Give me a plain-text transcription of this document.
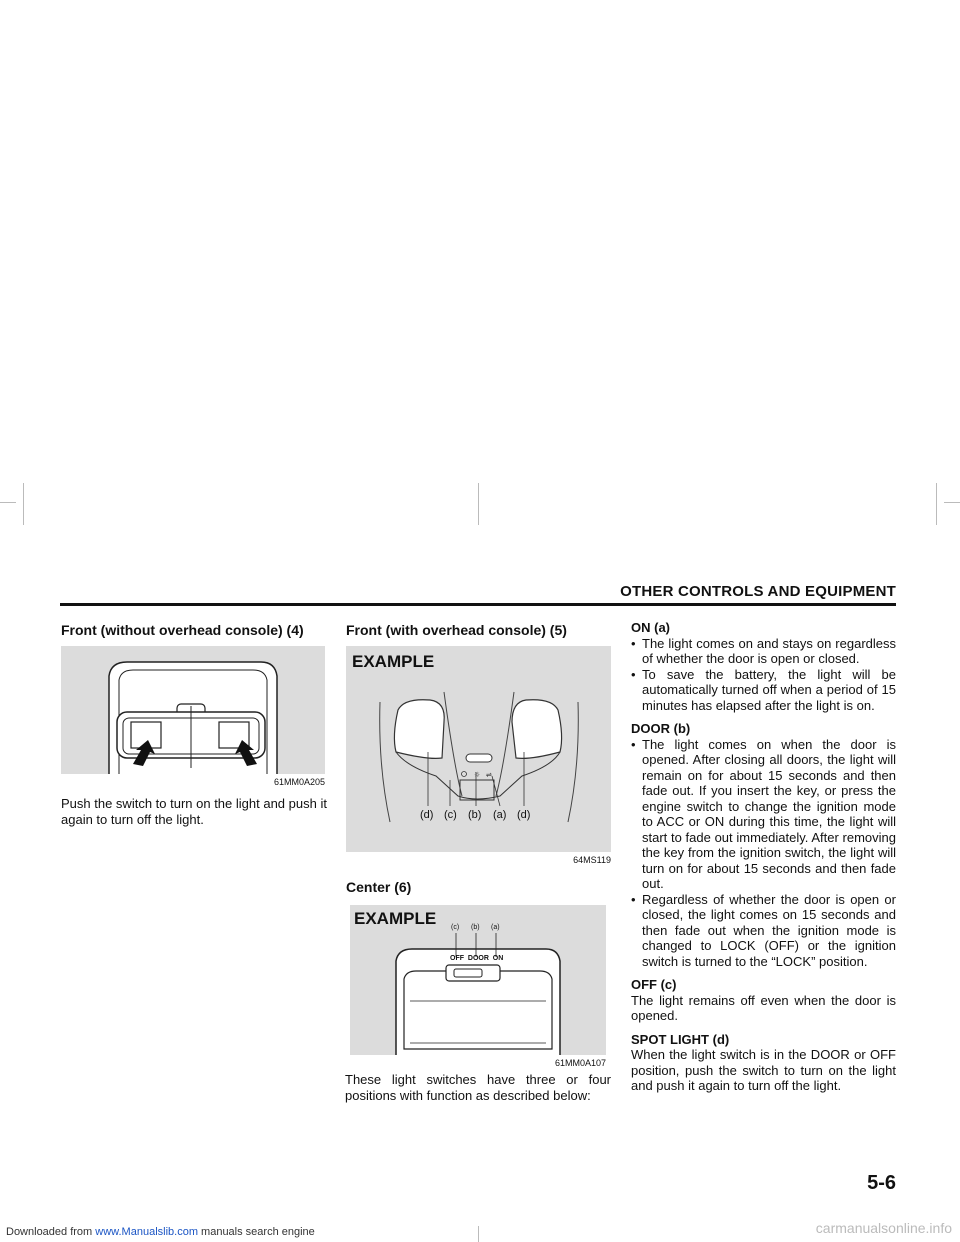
OTHER CONTROLS AND EQUIPMENT
Front (without overhead console) (4)
61MM0A205
Push the switch to turn on the light and push it again to turn off the light.
Front (with overhead console) (5)
EXAMPLE
☼ ⇌
(d) (c) (b) (a) (d)
64MS119
Center (6)
EXAMPLE (c) (b) (a)
OFF  DOOR  ON
61MM0A107
These light switches have three or four positions with function as described below:
ON (a)
• The light comes on and stays on regardless of whether the door is open or closed.
• To save the battery, the light will be automatically turned off when a period of 15 minutes has elapsed after the light is on.
DOOR (b)
• The light comes on when the door is opened. After closing all doors, the light will remain on for about 15 seconds and then fade out. If you insert the key, or press the engine switch to change the ignition mode to ACC or ON during this time, the light will start to fade out immediately. After removing the key from the ignition switch, the light will turn on for about 15 seconds and then fade out.
• Regardless of whether the door is open or closed, the light comes on 15 seconds and then fade out when the ignition mode is changed to LOCK (OFF) or the ignition switch is turned to the “LOCK” position.
OFF (c)

The light remains off even when the door is opened.

SPOT LIGHT (d)

When the light switch is in the DOOR or OFF position, push the switch to turn on the light and push it again to turn off the light.

5-6
Downloaded from www.Manualslib.com manuals search engine	carmanualsonline.info
